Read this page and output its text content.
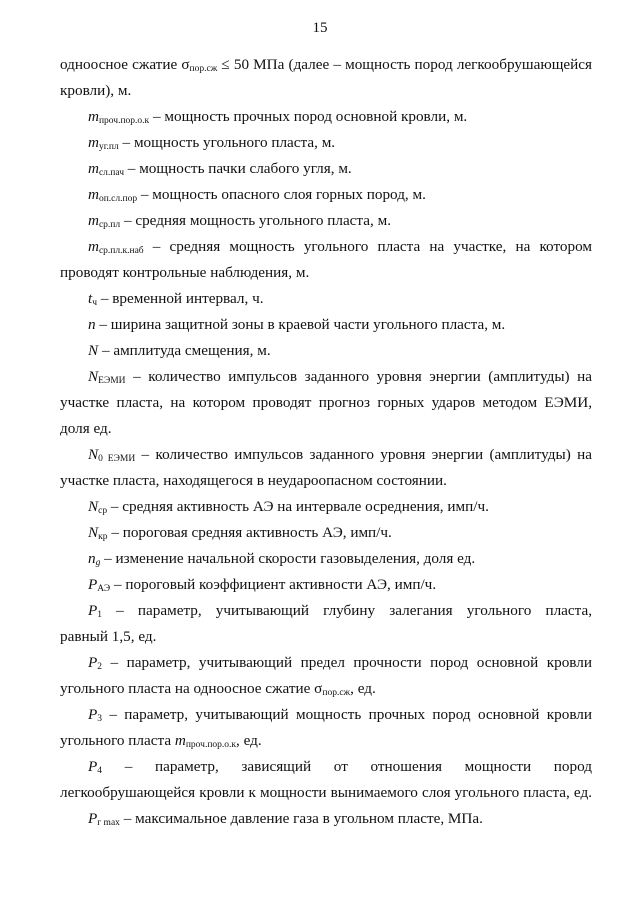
15
одноосное сжатие $\sigma_{пор.сж} \le 50$ МПа (далее – мощность пород легкообрушающейся
кровли), м.
$m_{проч.пор.о.к}$ – мощность прочных пород основной кровли, м.
$m_{уг.пл}$ – мощность угольного пласта, м.
$m_{сл.пач}$ – мощность пачки слабого угля, м.
$m_{оп.сл.пор}$ – мощность опасного слоя горных пород, м.
$m_{ср.пл}$ – средняя мощность угольного пласта, м.
$m_{ср.пл.к.наб}$ – средняя мощность угольного пласта на участке, на котором
проводят контрольные наблюдения, м.
$t_ч$ – временной интервал, ч.
n – ширина защитной зоны в краевой части угольного пласта, м.
N – амплитуда смещения, м.
$N_{ЕЭМИ}$ – количество импульсов заданного уровня энергии (амплитуды) на
участке пласта, на котором проводят прогноз горных ударов методом ЕЭМИ,
доля ед.
$N_{0 ЕЭМИ}$ – количество импульсов заданного уровня энергии (амплитуды) на
участке пласта, находящегося в неудароопасном состоянии.
$N_{ср}$ – средняя активность АЭ на интервале осреднения, имп/ч.
$N_{кр}$ – пороговая средняя активность АЭ, имп/ч.
$n_g$ – изменение начальной скорости газовыделения, доля ед.
$P_{АЭ}$ – пороговый коэффициент активности АЭ, имп/ч.
$P_1$ – параметр, учитывающий глубину залегания угольного пласта,
равный 1,5, ед.
$P_2$ – параметр, учитывающий предел прочности пород основной кровли
угольного пласта на одноосное сжатие $\sigma_{пор.сж}$, ед.
$P_3$ – параметр, учитывающий мощность прочных пород основной кровли
угольного пласта $m_{проч.пор.о.к}$, ед.
$P_4$ – параметр, зависящий от отношения мощности пород
легкообрушающейся кровли к мощности вынимаемого слоя угольного пласта, ед.
$P_{г max}$ – максимальное давление газа в угольном пласте, МПа.
